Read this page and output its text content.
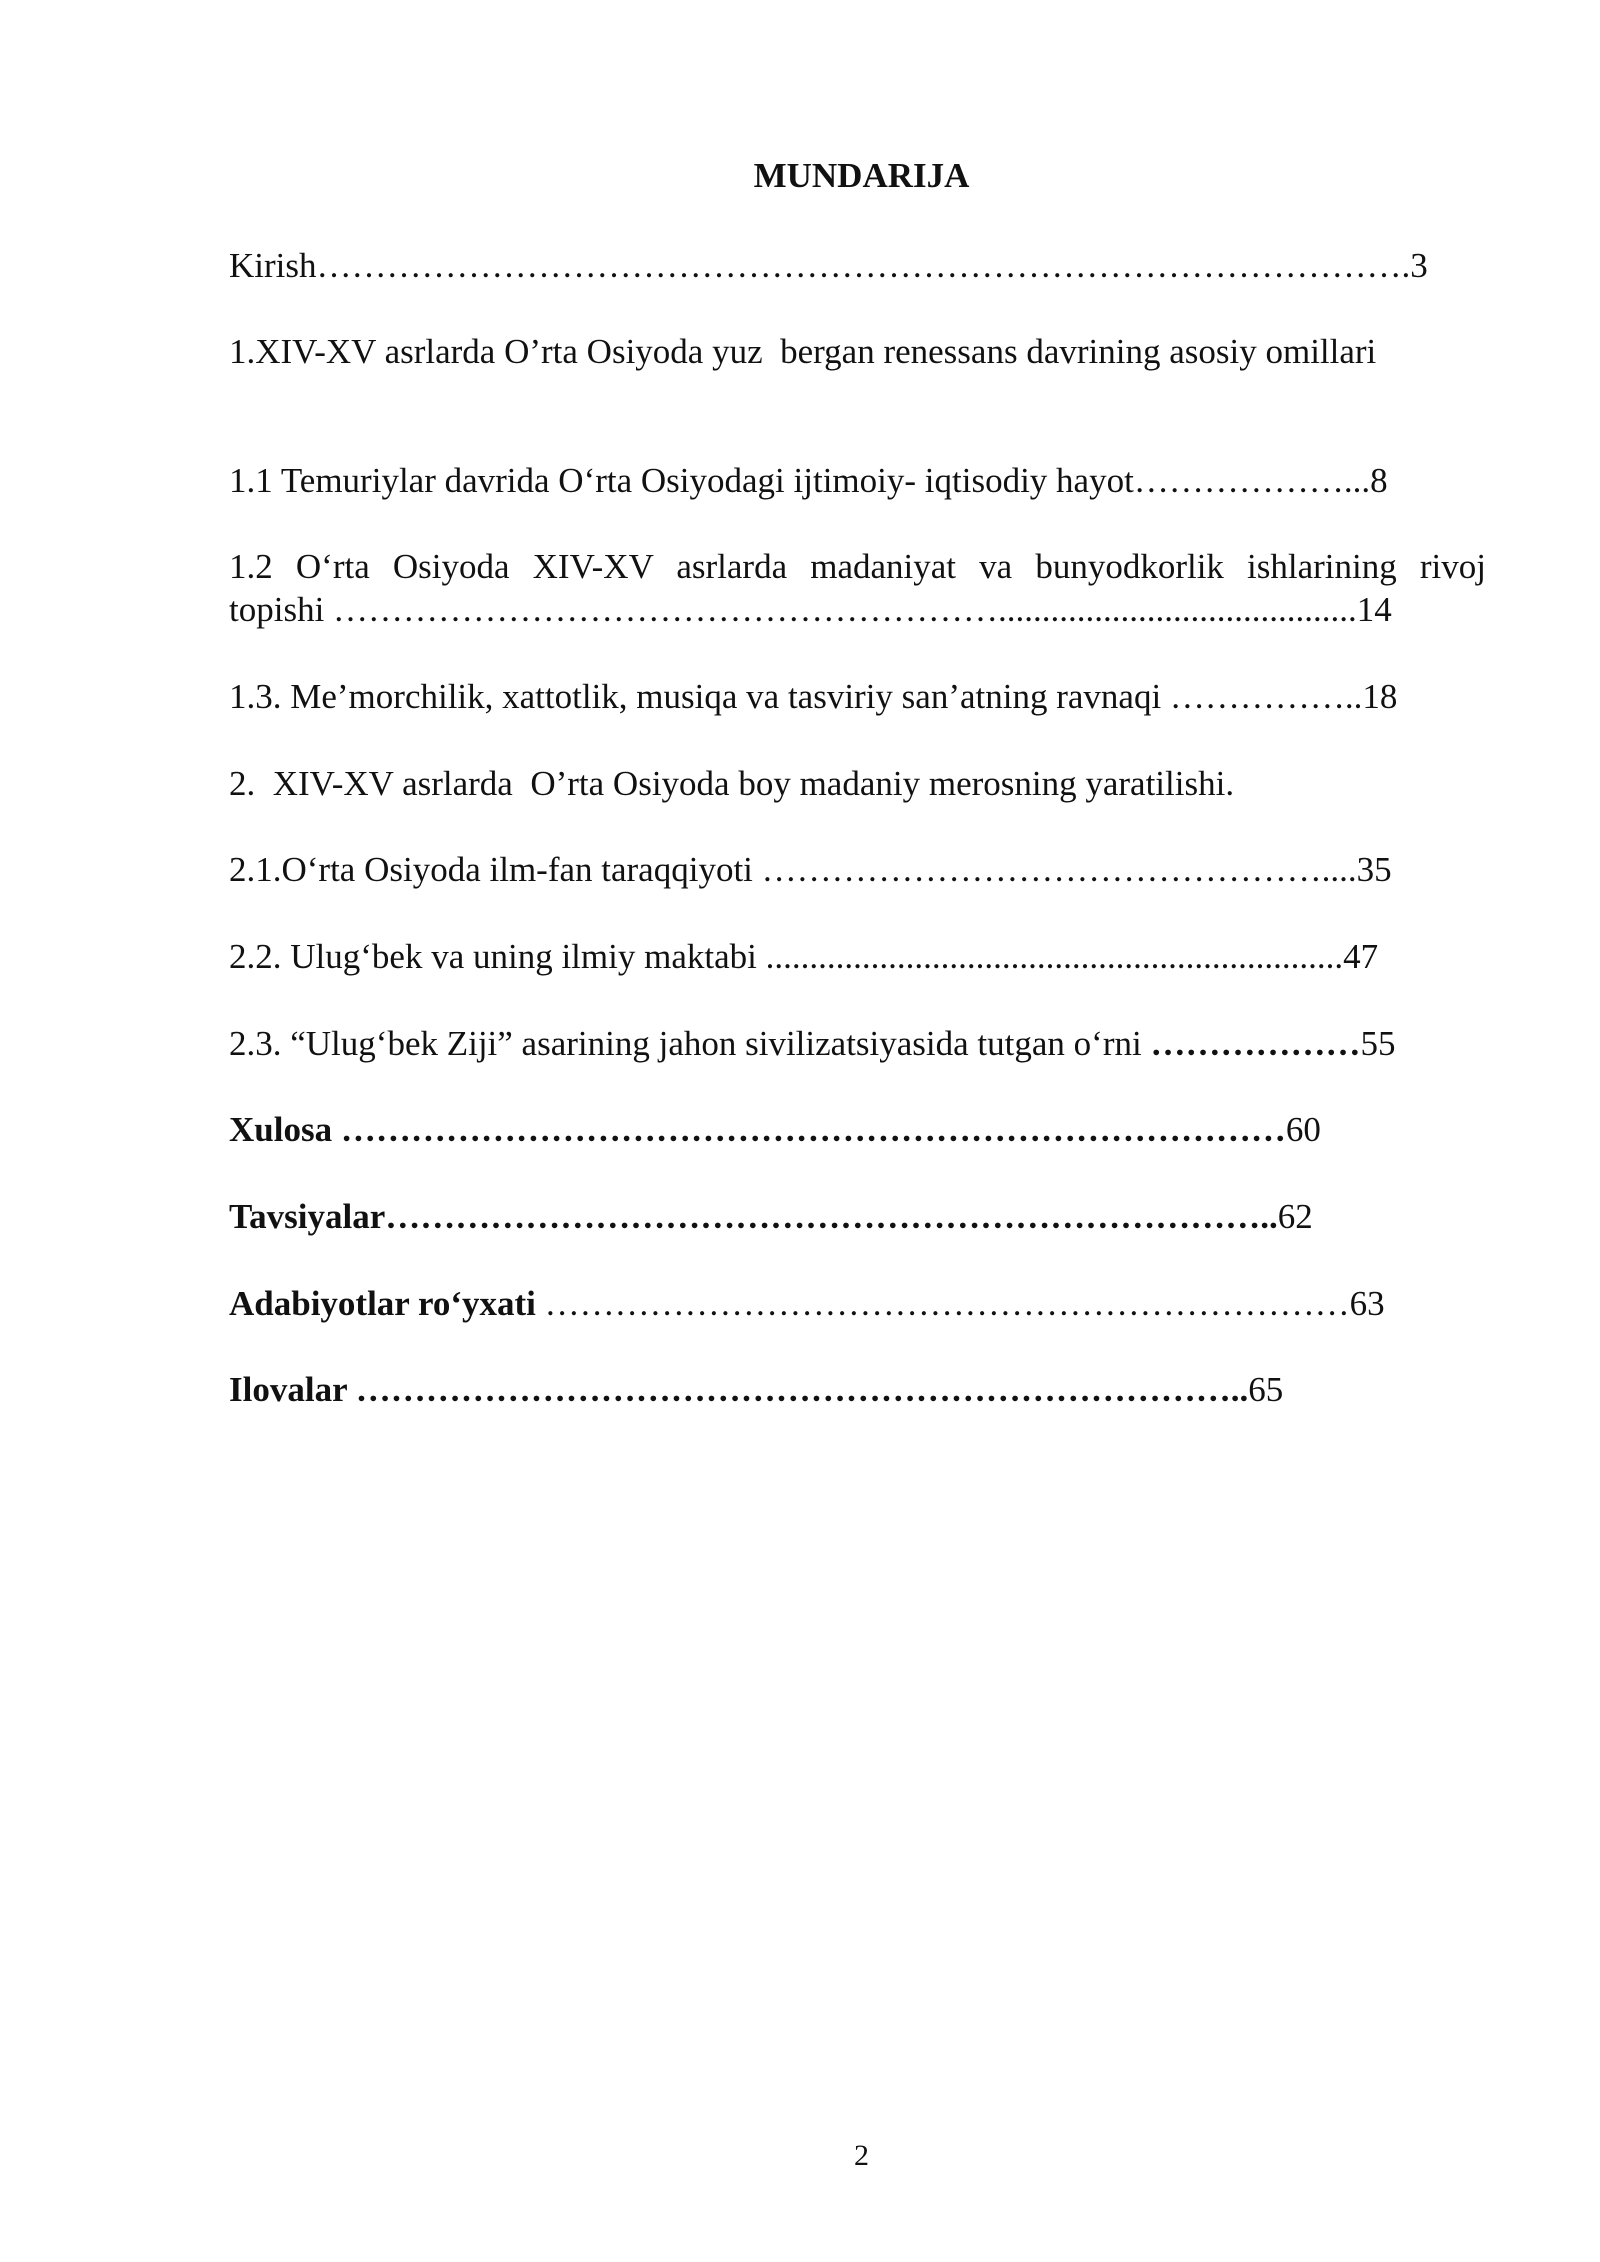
MUNDARIJA
Kirish………………………………………………………………………………….3
1.XIV-XV asrlarda O’rta Osiyoda yuz  bergan renessans davrining asosiy omillari
1.1 Temuriylar davrida O‘rta Osiyodagi ijtimoiy- iqtisodiy hayot………………...8
1.2 O‘rta Osiyoda XIV-XV asrlarda madaniyat va bunyodkorlik ishlarining rivoj
topishi ………………………………………………….........................................14
1.3. Me’morchilik, xattotlik, musiqa va tasviriy san’atning ravnaqi ……………..18
2.  XIV-XV asrlarda  O’rta Osiyoda boy madaniy merosning yaratilishi.
2.1.O‘rta Osiyoda ilm-fan taraqqiyoti …………………………………………....35
2.2. Ulug‘bek va uning ilmiy maktabi ..................................................................47
2.3. “Ulug‘bek Ziji” asarining jahon sivilizatsiyasida tutgan o‘rni ………………55
Xulosa ………………………………………………………………………60
Tavsiyalar…………………………………………………………………..62
Adabiyotlar ro‘yxati ……………………………………………………………63
Ilovalar …………………………………………………………………..65
2
